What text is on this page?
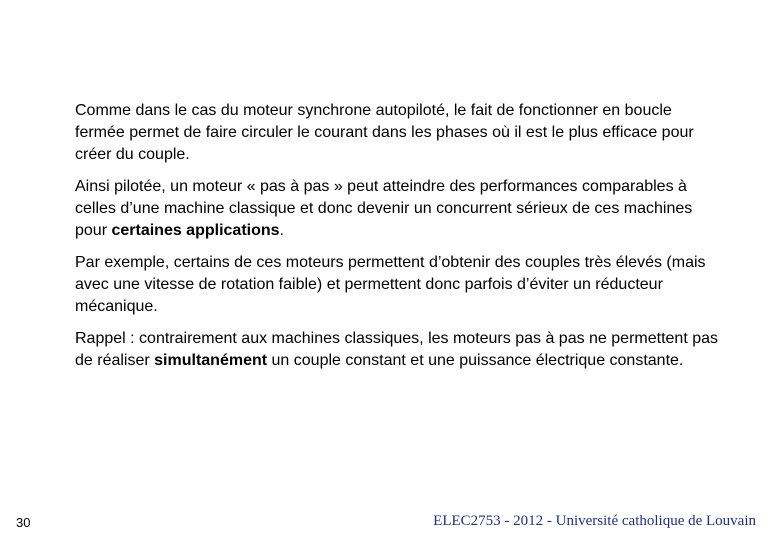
Comme dans le cas du moteur synchrone autopiloté, le fait de fonctionner en boucle fermée permet de faire circuler le courant dans les phases où il est le plus efficace pour créer du couple.

Ainsi pilotée, un moteur « pas à pas » peut atteindre des performances comparables à celles d’une machine classique et donc devenir un concurrent sérieux de ces machines pour certaines applications.

Par exemple, certains de ces moteurs permettent d’obtenir des couples très élevés (mais avec une vitesse de rotation faible) et permettent donc parfois d’éviter un réducteur mécanique.

Rappel : contrairement aux machines classiques, les moteurs pas à pas ne permettent pas de réaliser simultanément un couple constant et une puissance électrique constante.

30	ELEC2753 - 2012 - Université catholique de Louvain
